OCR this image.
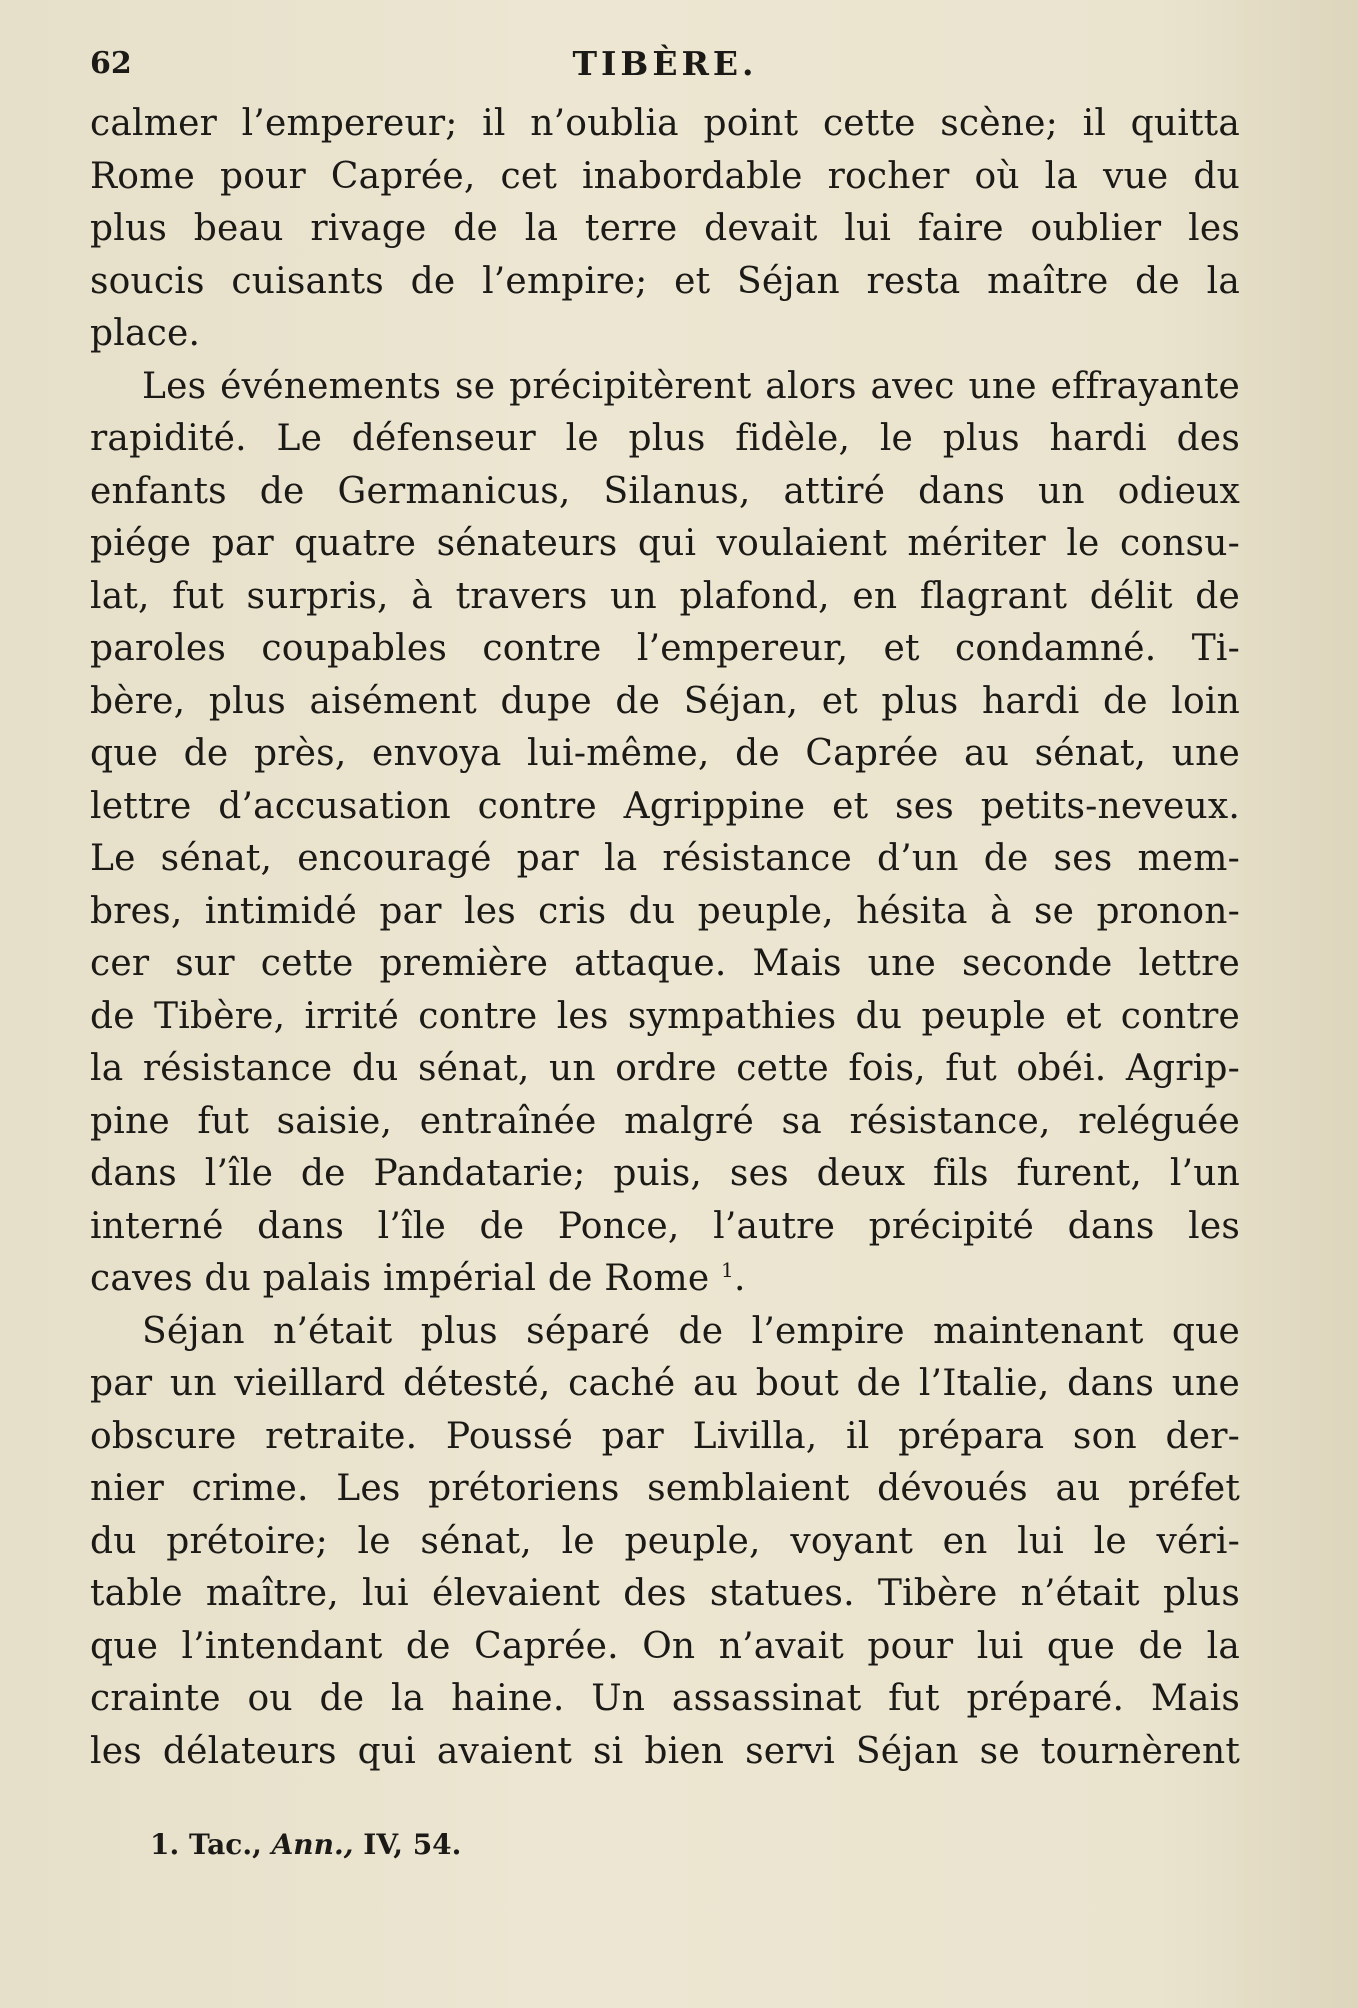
62	TIBÈRE.
calmer l’empereur; il n’oublia point cette scène; il quitta
Rome pour Caprée, cet inabordable rocher où la vue du
plus beau rivage de la terre devait lui faire oublier les
soucis cuisants de l’empire; et Séjan resta maître de la
place.
Les événements se précipitèrent alors avec une effrayante
rapidité. Le défenseur le plus fidèle, le plus hardi des
enfants de Germanicus, Silanus, attiré dans un odieux
piége par quatre sénateurs qui voulaient mériter le consu-
lat, fut surpris, à travers un plafond, en flagrant délit de
paroles coupables contre l’empereur, et condamné. Ti-
bère, plus aisément dupe de Séjan, et plus hardi de loin
que de près, envoya lui-même, de Caprée au sénat, une
lettre d’accusation contre Agrippine et ses petits-neveux.
Le sénat, encouragé par la résistance d’un de ses mem-
bres, intimidé par les cris du peuple, hésita à se pronon-
cer sur cette première attaque. Mais une seconde lettre
de Tibère, irrité contre les sympathies du peuple et contre
la résistance du sénat, un ordre cette fois, fut obéi. Agrip-
pine fut saisie, entraînée malgré sa résistance, reléguée
dans l’île de Pandatarie; puis, ses deux fils furent, l’un
interné dans l’île de Ponce, l’autre précipité dans les
caves du palais impérial de Rome $^1$.
Séjan n’était plus séparé de l’empire maintenant que
par un vieillard détesté, caché au bout de l’Italie, dans une
obscure retraite. Poussé par Livilla, il prépara son der-
nier crime. Les prétoriens semblaient dévoués au préfet
du prétoire; le sénat, le peuple, voyant en lui le véri-
table maître, lui élevaient des statues. Tibère n’était plus
que l’intendant de Caprée. On n’avait pour lui que de la
crainte ou de la haine. Un assassinat fut préparé. Mais
les délateurs qui avaient si bien servi Séjan se tournèrent
1. Tac., Ann., IV, 54.
